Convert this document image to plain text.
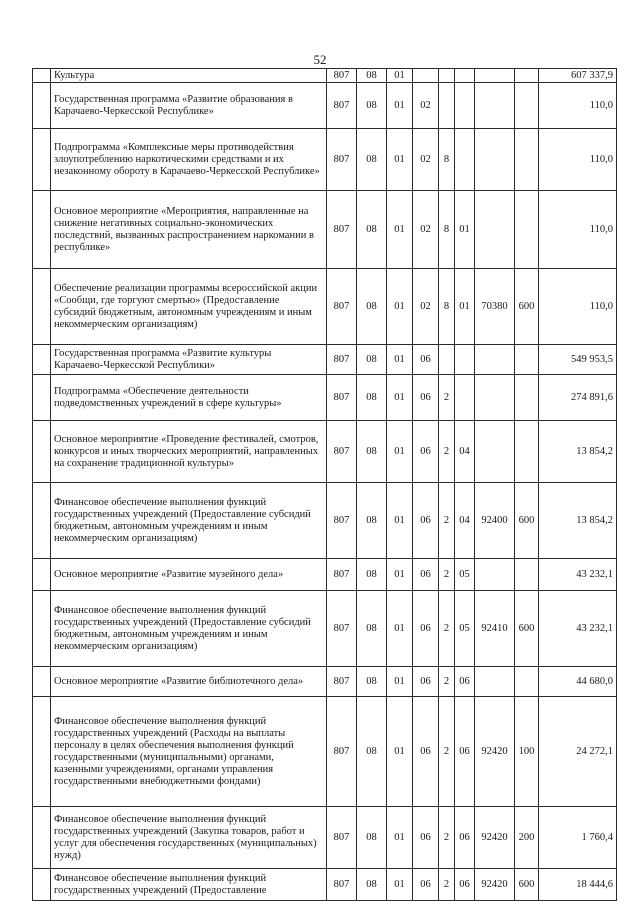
52
	Культура	807	08	01						607 337,9
	Государственная программа «Развитие образования в Карачаево-Черкесской Республике»	807	08	01	02					110,0
	Подпрограмма «Комплексные меры противодействия злоупотреблению наркотическими средствами и их незаконному обороту в Карачаево-Черкесской Республике»	807	08	01	02	8				110,0
	Основное мероприятие «Мероприятия, направленные на снижение негативных социально-экономических последствий, вызванных распространением наркомании в республике»	807	08	01	02	8	01			110,0
	Обеспечение реализации программы всероссийской акции «Сообщи, где торгуют смертью» (Предоставление субсидий бюджетным, автономным учреждениям и иным некоммерческим организациям)	807	08	01	02	8	01	70380	600	110,0
	Государственная программа «Развитие культуры Карачаево-Черкесской Республики»	807	08	01	06					549 953,5
	Подпрограмма «Обеспечение деятельности подведомственных учреждений в сфере культуры»	807	08	01	06	2				274 891,6
	Основное мероприятие «Проведение фестивалей, смотров, конкурсов и иных творческих мероприятий, направленных на сохранение традиционной культуры»	807	08	01	06	2	04			13 854,2
	Финансовое обеспечение выполнения функций государственных учреждений (Предоставление субсидий бюджетным, автономным учреждениям и иным некоммерческим организациям)	807	08	01	06	2	04	92400	600	13 854,2
	Основное мероприятие «Развитие музейного дела»	807	08	01	06	2	05			43 232,1
	Финансовое обеспечение выполнения функций государственных учреждений (Предоставление субсидий бюджетным, автономным учреждениям и иным некоммерческим организациям)	807	08	01	06	2	05	92410	600	43 232,1
	Основное мероприятие «Развитие библиотечного дела»	807	08	01	06	2	06			44 680,0
	Финансовое обеспечение выполнения функций государственных учреждений (Расходы на выплаты персоналу в целях обеспечения выполнения функций государственными (муниципальными) органами, казенными учреждениями, органами управления государственными внебюджетными фондами)	807	08	01	06	2	06	92420	100	24 272,1
	Финансовое обеспечение выполнения функций государственных учреждений (Закупка товаров, работ и услуг для обеспечения государственных (муниципальных) нужд)	807	08	01	06	2	06	92420	200	1 760,4
	Финансовое обеспечение выполнения функций государственных учреждений (Предоставление	807	08	01	06	2	06	92420	600	18 444,6
